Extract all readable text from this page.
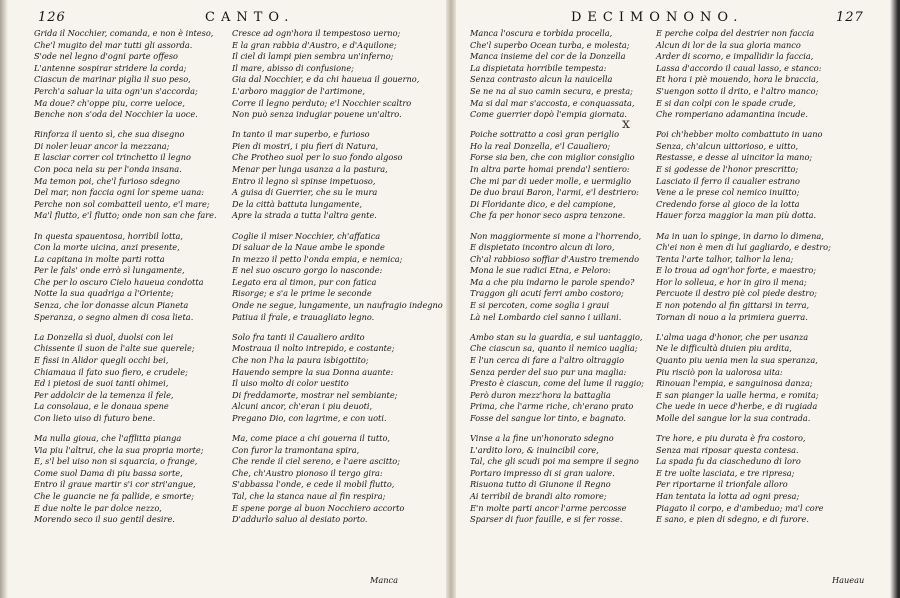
126	CANTO.
Grida il Nocchier, comanda, e non è inteso,
Che'l mugito del mar tutti gli assorda.
S'ode nel legno d'ogni parte offeso
L'antenne sospirar stridere la corda;
Ciascun de marinar piglia il suo peso,
Perch'a saluar la uita ogn'un s'accorda;
Ma doue? ch'oppe piu, corre ueloce,
Benche non s'oda del Nocchier la uoce.
Rinforza il uento sì, che sua disegno
Di noler leuar ancor la mezzana;
E lasciar correr col trinchetto il legno
Con poca nela su per l'onda insana.
Ma temon poi, che'l furioso sdegno
Del mar, non faccia ogni lor speme uana:
Perche non sol combatteil uento, e'l mare;
Ma'l flutto, e'l flutto; onde non san che fare.
In questa spauentosa, horribil lotta,
Con la morte uicina, anzi presente,
La capitana in molte parti rotta
Per le fals' onde errò sì lungamente,
Che per lo oscuro Cielo haueua condotta
Notte la sua quadriga a l'Oriente;
Senza, che lor donasse alcun Pianeta
Speranza, o segno almen di cosa lieta.
La Donzella sì duol, duolsi con lei
Chissente il suon de l'alte sue querele;
E fissi in Alidor quegli occhi bei,
Chiamaua il fato suo fiero, e crudele;
Ed i pietosi de suoi tanti ohimei,
Per addolcir de la temenza il fele,
La consolaua, e le donaua spene
Con lieto uiso di futuro bene.
Ma nulla gioua, che l'afflitta pianga
Via piu l'altrui, che la sua propria morte;
E, s'l bel uiso non si squarcia, o frange,
Come suol Dama di piu bassa sorte,
Entro il graue martir s'i cor stri'angue,
Che le guancie ne fa pallide, e smorte;
E due nolte le par dolce nezzo,
Morendo seco il suo gentil desire.
Cresce ad ogn'hora il tempestoso uerno;
E la gran rabbia d'Austro, e d'Aquilone;
Il ciel di lampi pien sembra un'inferno;
Il mare, abisso di confusione;
Gia dal Nocchier, e da chi haueua il gouerno,
L'arboro maggior de l'artimone,
Corre il legno perduto; e'l Nocchier scaltro
Non può senza indugiar pouene un'altro.
In tanto il mar superbo, e furioso
Pien di mostri, i piu fieri di Natura,
Che Protheo suol per lo suo fondo algoso
Menar per lunga usanza a la pastura,
Entro il legno sì spinse impetuoso,
A guisa di Guerrier, che su le mura
De la città battuta lungamente,
Apre la strada a tutta l'altra gente.
Coglie il miser Nocchier, ch'affatica
Di saluar de la Naue ambe le sponde
In mezzo il petto l'onda empia, e nemica;
E nel suo oscuro gorgo lo nasconde:
Legato era al timon, pur con fatica
Risorge; e s'a le prime le seconde
Onde ne segue, lungamente, un naufragio indegno
Patiua il frale, e trauagliato legno.
Solo fra tanti il Caualiero ardito
Mostraua il nolto intrepido, e costante;
Che non l'ha la paura isbigottito;
Hauendo sempre la sua Donna auante:
Il uiso molto di color uestito
Di freddamorte, mostrar nel sembiante;
Alcuni ancor, ch'eran i piu deuoti,
Pregano Dio, con lagrime, e con uoti.
Ma, come piace a chi gouerna il tutto,
Con furor la tramontana spira,
Che rende il ciel sereno, e l'aere ascitto;
Che, ch'Austro pionoso il tergo gira:
S'abbassa l'onde, e cede il mobil flutto,
Tal, che la stanca naue al fin respira;
E spene porge al buon Nocchiero accorto
D'addurlo saluo al desiato porto.
Manca
DECIMONONO.	127
Manca l'oscura e torbida procella,
Che'l superbo Ocean turba, e molesta;
Manca insieme del cor de la Donzella
La dispietata horribile tempesta:
Senza contrasto alcun la nauicella
Se ne na al suo camin secura, e presta;
Ma si dal mar s'accosta, e conquassata,
Come guerrier dopò l'empia giornata.
Poiche sottratto a così gran periglio
Ho la real Donzella, e'l Caualiero;
Forse sia ben, che con miglior consiglio
In altra parte homai prenda'l sentiero:
Che mi par di ueder molle, e uermiglio
De duo braui Baron, l'armi, e'l destriero:
Di Floridante dico, e del campione,
Che fa per honor seco aspra tenzone.
Non maggiormente si mone a l'horrendo,
E dispietato incontro alcun di loro,
Ch'al rabbioso soffiar d'Austro tremendo
Mona le sue radici Etna, e Peloro:
Ma a che piu indarno le parole spendo?
Traggon gli acuti ferri ambo costoro;
E si percoten, come soglia i graui
Là nel Lombardo ciel sanno i uillani.
Ambo stan su la guardia, e sul uantaggio,
Che ciascun sa, quanto il nemico uaglia;
E l'un cerca di fare a l'altro oltraggio
Senza perder del suo pur una maglia:
Presto è ciascun, come del lume il raggio;
Però duron mezz'hora la battaglia
Prima, che l'arme riche, ch'erano prato
Fosse del sangue lor tinto, e bagnato.
Vinse a la fine un'honorato sdegno
L'ardito loro, & inuincibil core,
Tal, che gli scudi poi ma sempre il segno
Portaro impresso di si gran ualore.
Risuona tutto di Giunone il Regno
Ai terribil de brandi alto romore;
E'n molte parti ancor l'arme percosse
Sparser di fuor fauille, e si fer rosse.
E perche colpa del destrier non faccia
Alcun di lor de la sua gloria manco
Arder di scorno, e impallidir la faccia,
Lassa d'accordo il caual lasso, e stanco:
Et hora i piè mouendo, hora le braccia,
S'uengon sotto il drito, e l'altro manco;
E si dan colpi con le spade crude,
Che romperiano adamantina incude.
Poi ch'hebber molto combattuto in uano
Senza, ch'alcun uittorioso, e uitto,
Restasse, e desse al uincitor la mano;
E si godesse de l'honor prescritto;
Lasciato il ferro il caualier estrano
Vene a le prese col nemico inuitto;
Credendo forse al gioco de la lotta
Hauer forza maggior la man più dotta.
Ma in uan lo spinge, in darno lo dimena,
Ch'ei non è men di lui gagliardo, e destro;
Tenta l'arte talhor, talhor la lena;
E lo troua ad ogn'hor forte, e maestro;
Hor lo solleua, e hor in giro il mena;
Percuote il destro piè col piede destro;
E non potendo al fin gittarsi in terra,
Tornan di nouo a la primiera guerra.
L'alma uaga d'honor, che per usanza
Ne le difficultà diuien piu ardita,
Quanto piu uenia men la sua speranza,
Piu risciò pon la ualorosa uita:
Rinouan l'empia, e sanguinosa danza;
E san pianger la ualle herma, e romita;
Che uede in uece d'herbe, e di rugiada
Molle del sangue lor la sua contrada.
Tre hore, e piu durata è fra costoro,
Senza mai riposar questa contesa.
La spada fu da ciascheduno di loro
E tre uolte lasciata, e tre ripresa;
Per riportarne il trionfale alloro
Han tentata la lotta ad ogni presa;
Piagato il corpo, e d'ambeduo; ma'l core
E sano, e pien di sdegno, e di furore.
x
Haueau
